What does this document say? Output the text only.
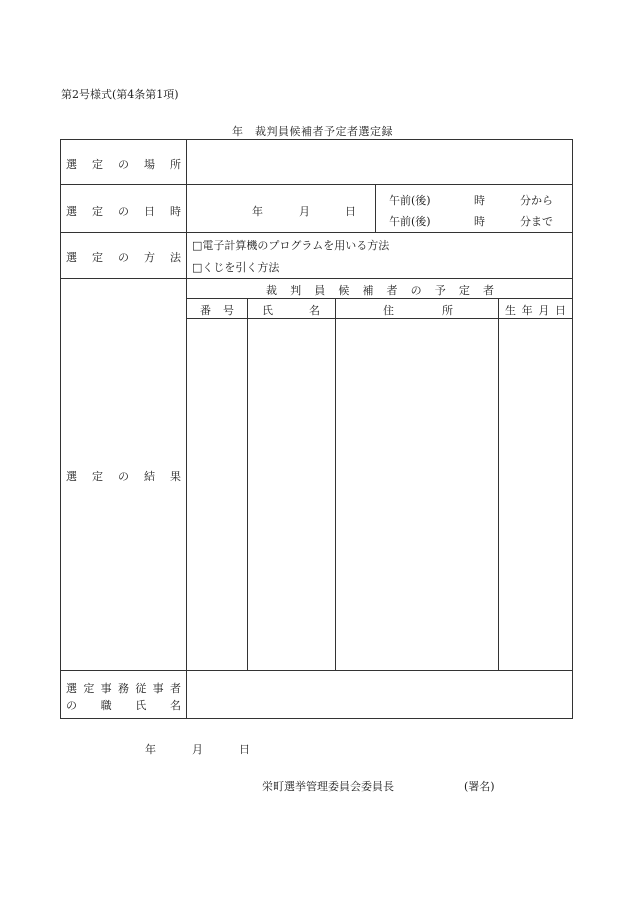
第2号様式(第4条第1項)
年　裁判員候補者予定者選定録
選 定 の 場 所
選 定 の 日 時	年	月	日
午前(後)	時	分から
午前(後)	時	分まで
選 定 の 方 法
□電子計算機のプログラムを用いる方法
□くじを引く方法
選 定 の 結 果
裁 判 員 候 補 者 の 予 定 者
番 号	氏	名	住	所	生 年 月 日
選 定 事 務 従 事 者
の 職 氏 名
年	月	日
栄町選挙管理委員会委員長	(署名)
